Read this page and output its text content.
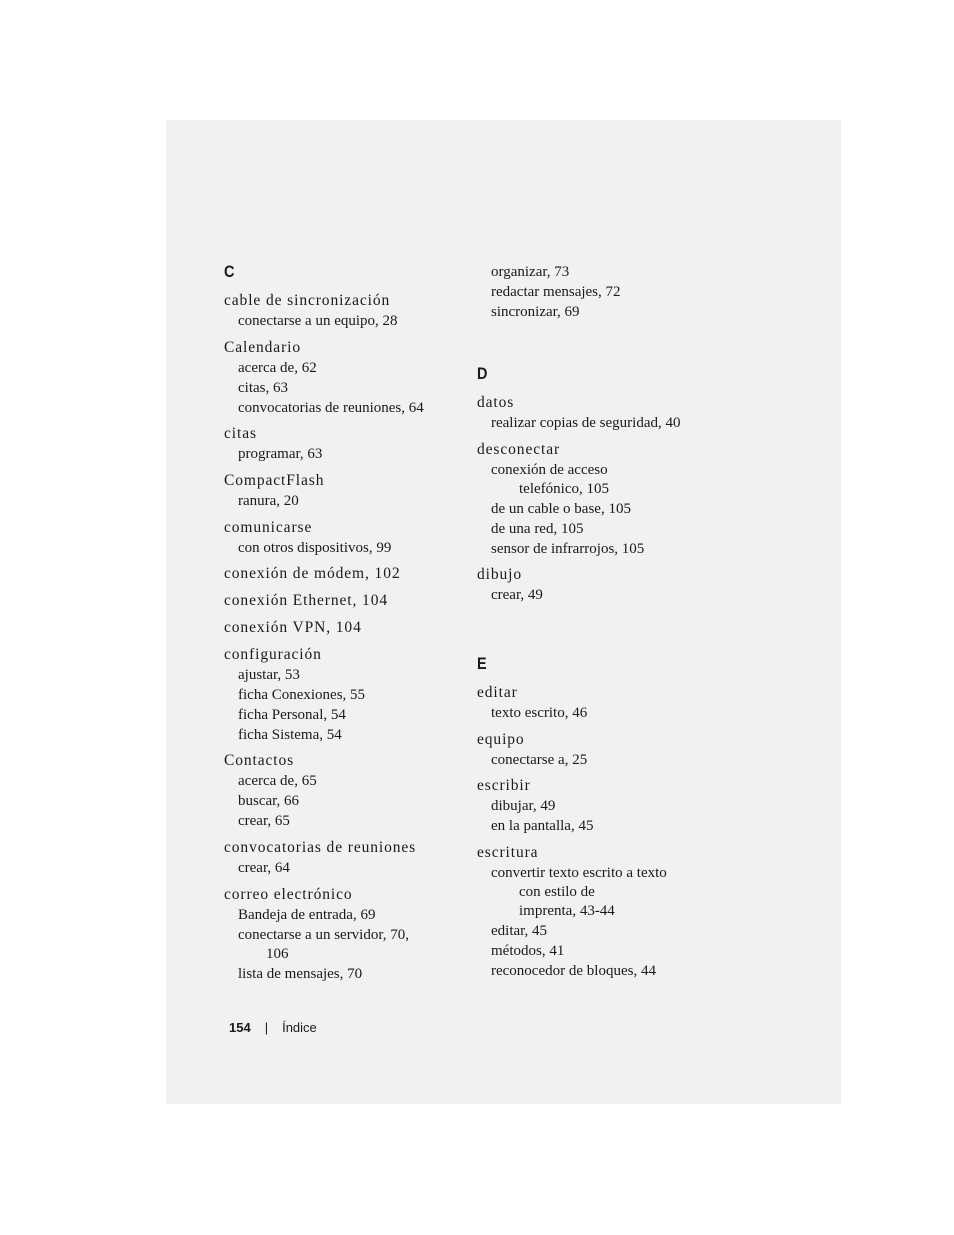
C
cable de sincronización
conectarse a un equipo, 28
Calendario
acerca de, 62
citas, 63
convocatorias de reuniones, 64
citas
programar, 63
CompactFlash
ranura, 20
comunicarse
con otros dispositivos, 99
conexión de módem, 102
conexión Ethernet, 104
conexión VPN, 104
configuración
ajustar, 53
ficha Conexiones, 55
ficha Personal, 54
ficha Sistema, 54
Contactos
acerca de, 65
buscar, 66
crear, 65
convocatorias de reuniones
crear, 64
correo electrónico
Bandeja de entrada, 69
conectarse a un servidor, 70,
106
lista de mensajes, 70
organizar, 73
redactar mensajes, 72
sincronizar, 69
D
datos
realizar copias de seguridad, 40
desconectar
conexión de acceso
telefónico, 105
de un cable o base, 105
de una red, 105
sensor de infrarrojos, 105
dibujo
crear, 49
E
editar
texto escrito, 46
equipo
conectarse a, 25
escribir
dibujar, 49
en la pantalla, 45
escritura
convertir texto escrito a texto
con estilo de
imprenta, 43-44
editar, 45
métodos, 41
reconocedor de bloques, 44
154 | Índice
